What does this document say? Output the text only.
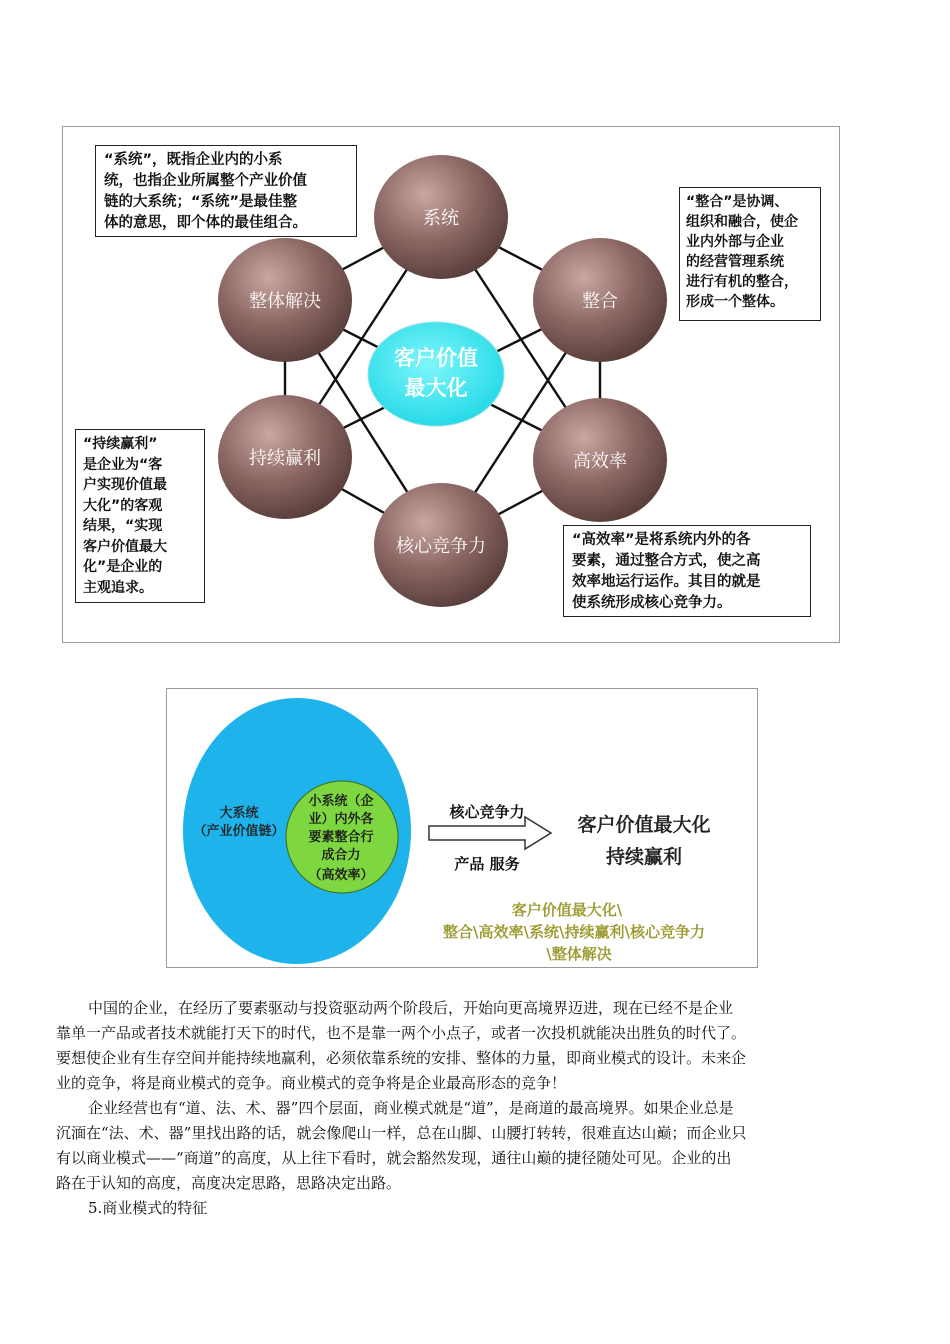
系统
整合
高效率
核心竞争力
持续赢利
整体解决
客户价值
最大化
“系统”，既指企业内的小系
统，也指企业所属整个产业价值
链的大系统；“系统”是最佳整
体的意思，即个体的最佳组合。
“整合”是协调、
组织和融合，使企
业内外部与企业
的经营管理系统
进行有机的整合，
形成一个整体。
“持续赢利”
是企业为“客
户实现价值最
大化”的客观
结果，“实现
客户价值最大
化”是企业的
主观追求。
“高效率”是将系统内外的各
要素，通过整合方式，使之高
效率地运行运作。其目的就是
使系统形成核心竞争力。
大系统
（产业价值链）
小系统（企
业）内外各
要素整合行
成合力
（高效率）
核心竞争力
产品 服务
客户价值最大化
持续赢利
客户价值最大化\
整合\高效率\系统\持续赢利\核心竞争力
\整体解决

中国的企业，在经历了要素驱动与投资驱动两个阶段后，开始向更高境界迈进，现在已经不是企业
靠单一产品或者技术就能打天下的时代，也不是靠一两个小点子，或者一次投机就能决出胜负的时代了。
要想使企业有生存空间并能持续地赢利，必须依靠系统的安排、整体的力量，即商业模式的设计。未来企
业的竞争，将是商业模式的竞争。商业模式的竞争将是企业最高形态的竞争！

企业经营也有“道、法、术、器”四个层面，商业模式就是“道”，是商道的最高境界。如果企业总是
沉湎在“法、术、器”里找出路的话，就会像爬山一样，总在山脚、山腰打转转，很难直达山巅；而企业只
有以商业模式——“商道”的高度，从上往下看时，就会豁然发现，通往山巅的捷径随处可见。企业的出
路在于认知的高度，高度决定思路，思路决定出路。

5.商业模式的特征
